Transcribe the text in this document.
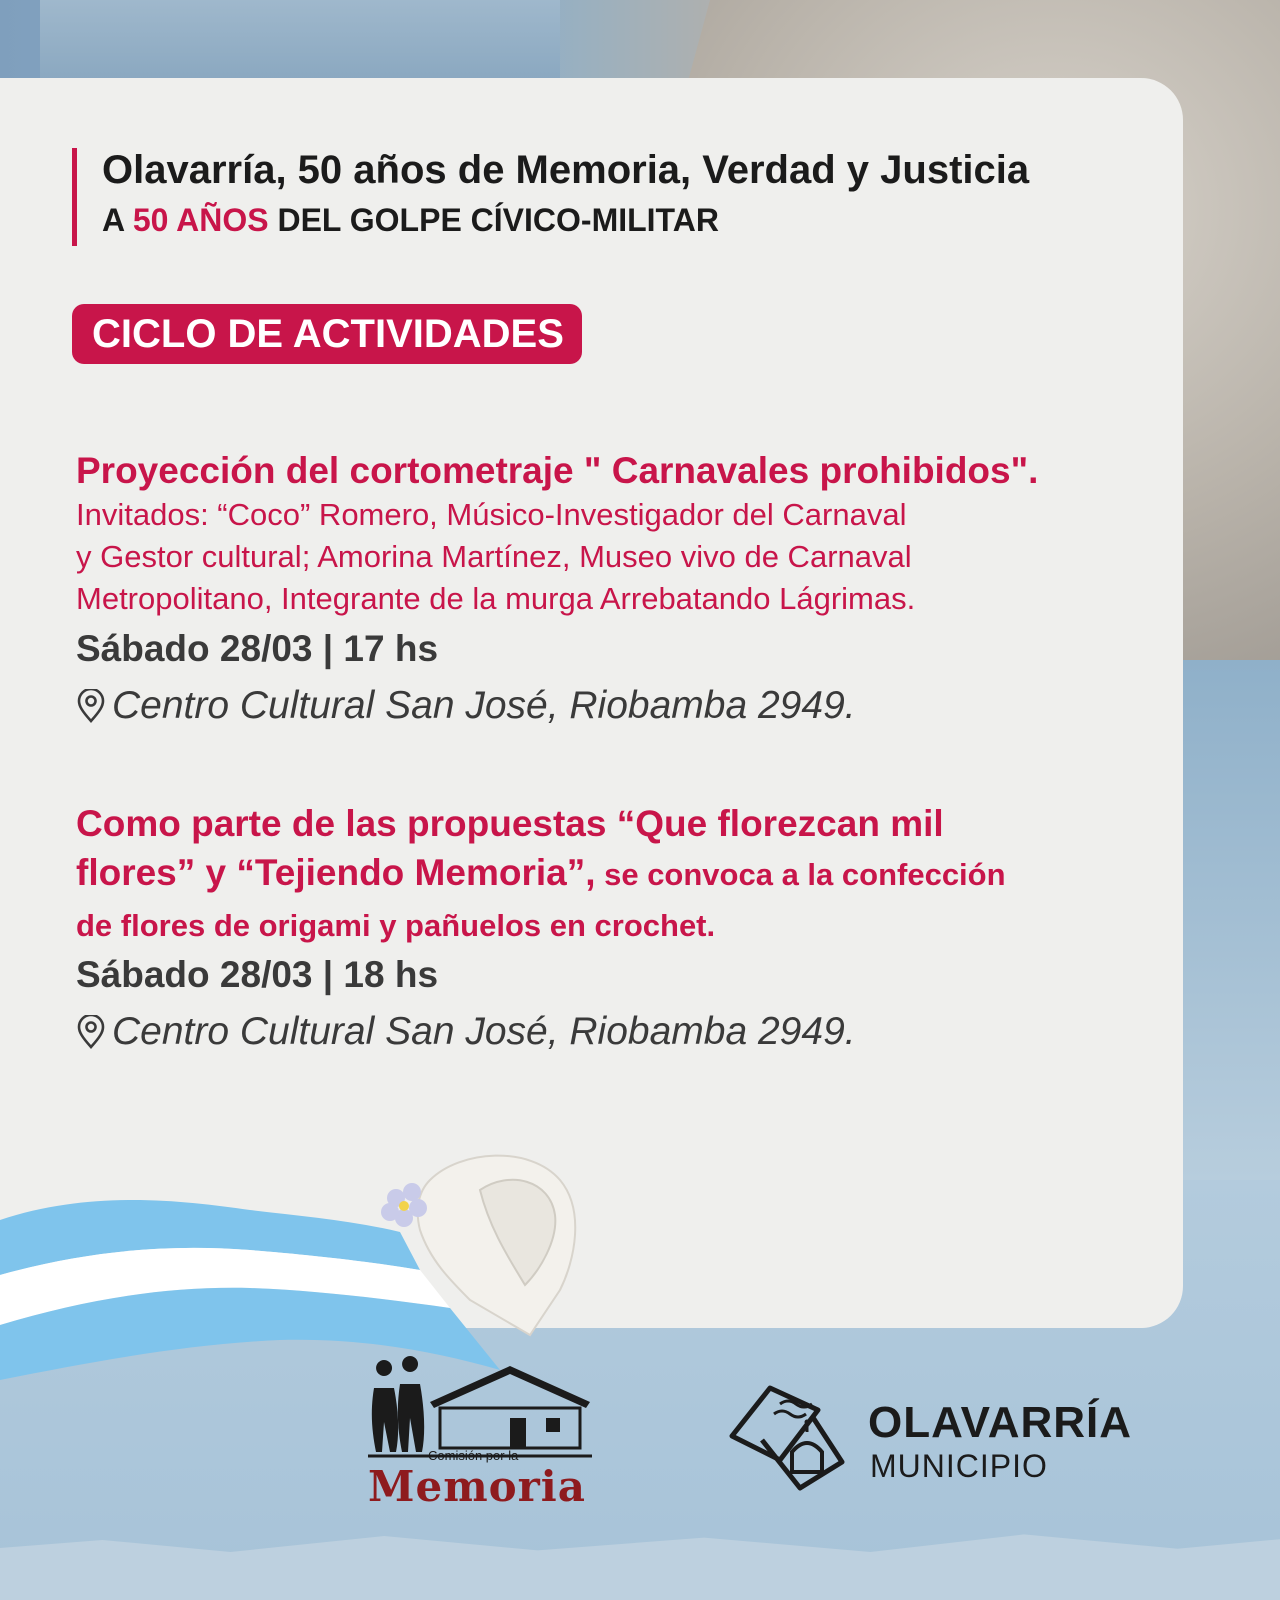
Olavarría, 50 años de Memoria, Verdad y Justicia
A 50 AÑOS DEL GOLPE CÍVICO-MILITAR
CICLO DE ACTIVIDADES
Proyección del cortometraje " Carnavales prohibidos".
Invitados: “Coco” Romero, Músico-Investigador del Carnaval
y Gestor cultural; Amorina Martínez, Museo vivo de Carnaval
Metropolitano, Integrante de la murga Arrebatando Lágrimas.
Sábado 28/03 | 17 hs
Centro Cultural San José, Riobamba 2949.
Como parte de las propuestas “Que florezcan mil
flores” y “Tejiendo Memoria”, se convoca a la confección
de flores de origami y pañuelos en crochet.
Sábado 28/03 | 18 hs
Centro Cultural San José, Riobamba 2949.
Comisión por la
Memoria
OLAVARRÍA
MUNICIPIO
